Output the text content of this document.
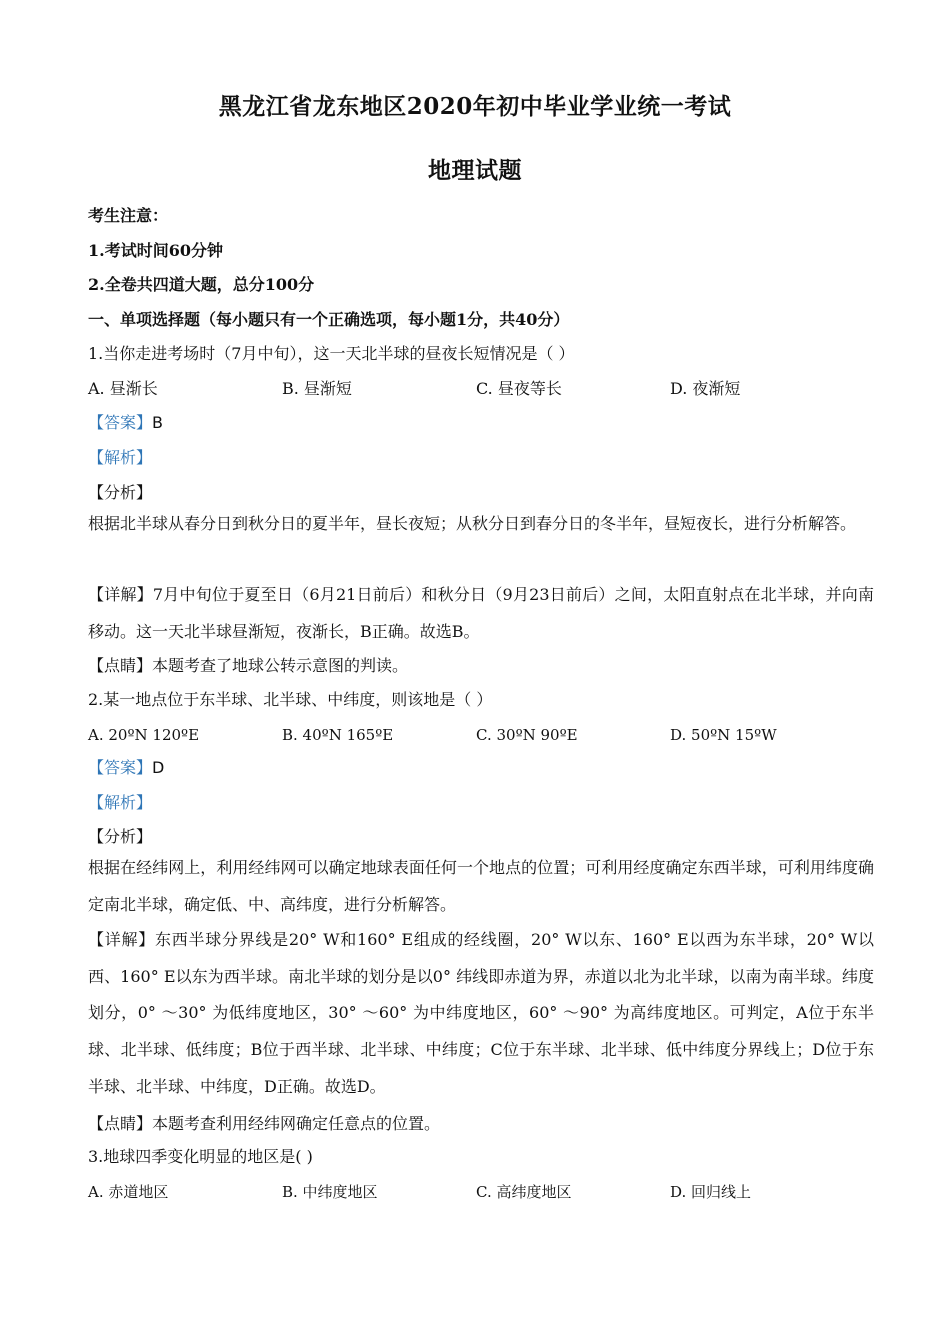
黑龙江省龙东地区2020年初中毕业学业统一考试
地理试题
考生注意：
1.考试时间60分钟
2.全卷共四道大题，总分100分
一、单项选择题（每小题只有一个正确选项，每小题1分，共40分）
1.当你走进考场时（7月中旬），这一天北半球的昼夜长短情况是（ ）
A. 昼渐长	B. 昼渐短	C. 昼夜等长	D. 夜渐短
【答案】B
【解析】
【分析】
根据北半球从春分日到秋分日的夏半年，昼长夜短；从秋分日到春分日的冬半年，昼短夜长，进行分析解答。
【详解】7月中旬位于夏至日（6月21日前后）和秋分日（9月23日前后）之间，太阳直射点在北半球，并向南移动。这一天北半球昼渐短，夜渐长，B正确。故选B。
【点睛】本题考查了地球公转示意图的判读。
2.某一地点位于东半球、北半球、中纬度，则该地是（ ）
A. 20ºN 120ºE	B. 40ºN 165ºE	C. 30ºN 90ºE	D. 50ºN 15ºW
【答案】D
【解析】
【分析】
根据在经纬网上，利用经纬网可以确定地球表面任何一个地点的位置；可利用经度确定东西半球，可利用纬度确定南北半球，确定低、中、高纬度，进行分析解答。
【详解】东西半球分界线是20° W和160° E组成的经线圈，20° W以东、160° E以西为东半球，20° W以西、160° E以东为西半球。南北半球的划分是以0° 纬线即赤道为界，赤道以北为北半球，以南为南半球。纬度划分，0° ～30° 为低纬度地区，30° ～60° 为中纬度地区，60° ～90° 为高纬度地区。可判定，A位于东半球、北半球、低纬度；B位于西半球、北半球、中纬度；C位于东半球、北半球、低中纬度分界线上；D位于东半球、北半球、中纬度，D正确。故选D。
【点睛】本题考查利用经纬网确定任意点的位置。
3.地球四季变化明显的地区是( )
A. 赤道地区	B. 中纬度地区	C. 高纬度地区	D. 回归线上
